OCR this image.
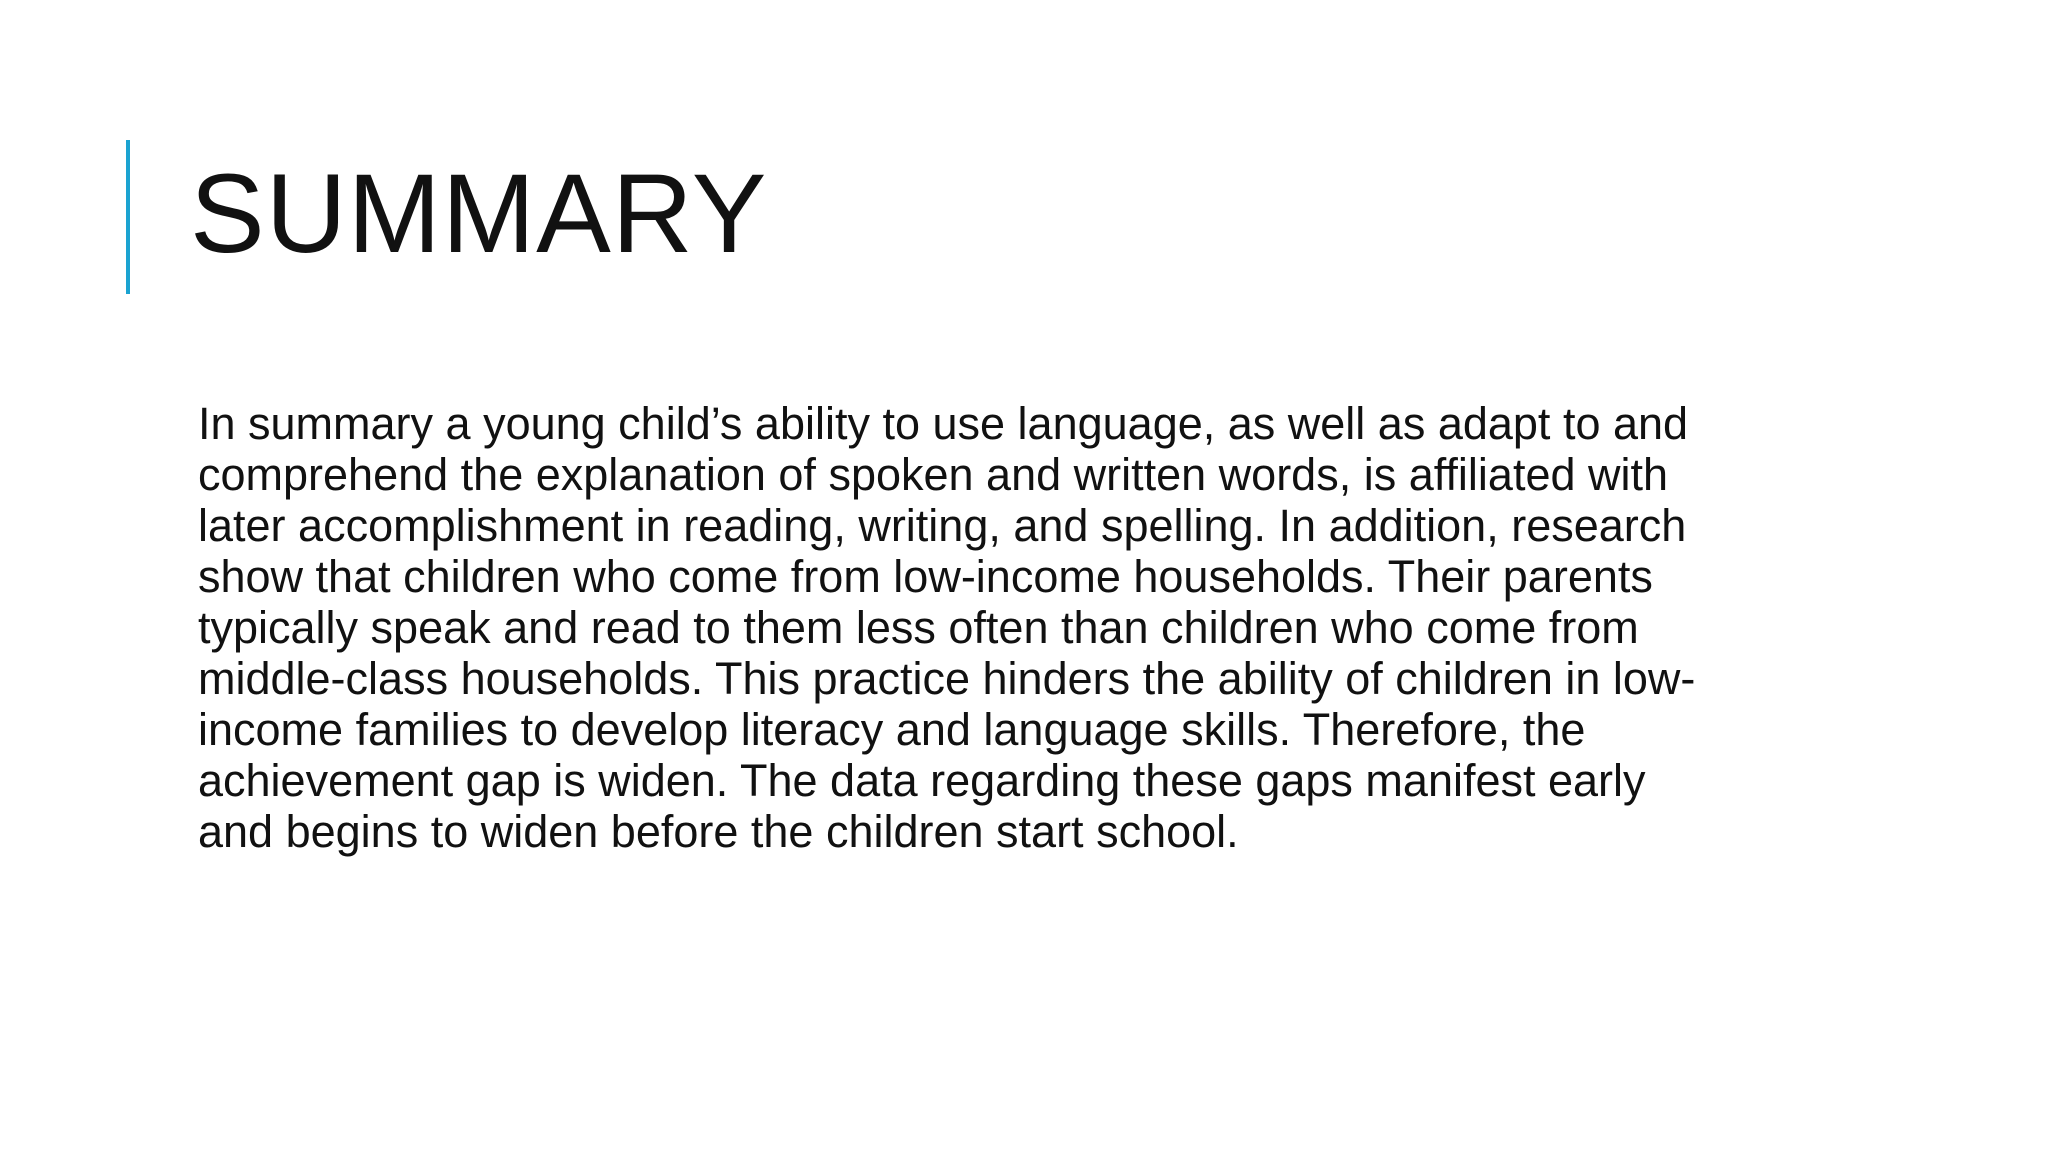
SUMMARY
In summary a young child’s ability to use language, as well as adapt to and
comprehend the explanation of spoken and written words, is affiliated with
later accomplishment in reading, writing, and spelling. In addition, research
show that children who come from low-income households. Their parents
typically speak and read to them less often than children who come from
middle-class households. This practice hinders the ability of children in low-
income families to develop literacy and language skills. Therefore, the
achievement gap is widen. The data regarding these gaps manifest early
and begins to widen before the children start school.
